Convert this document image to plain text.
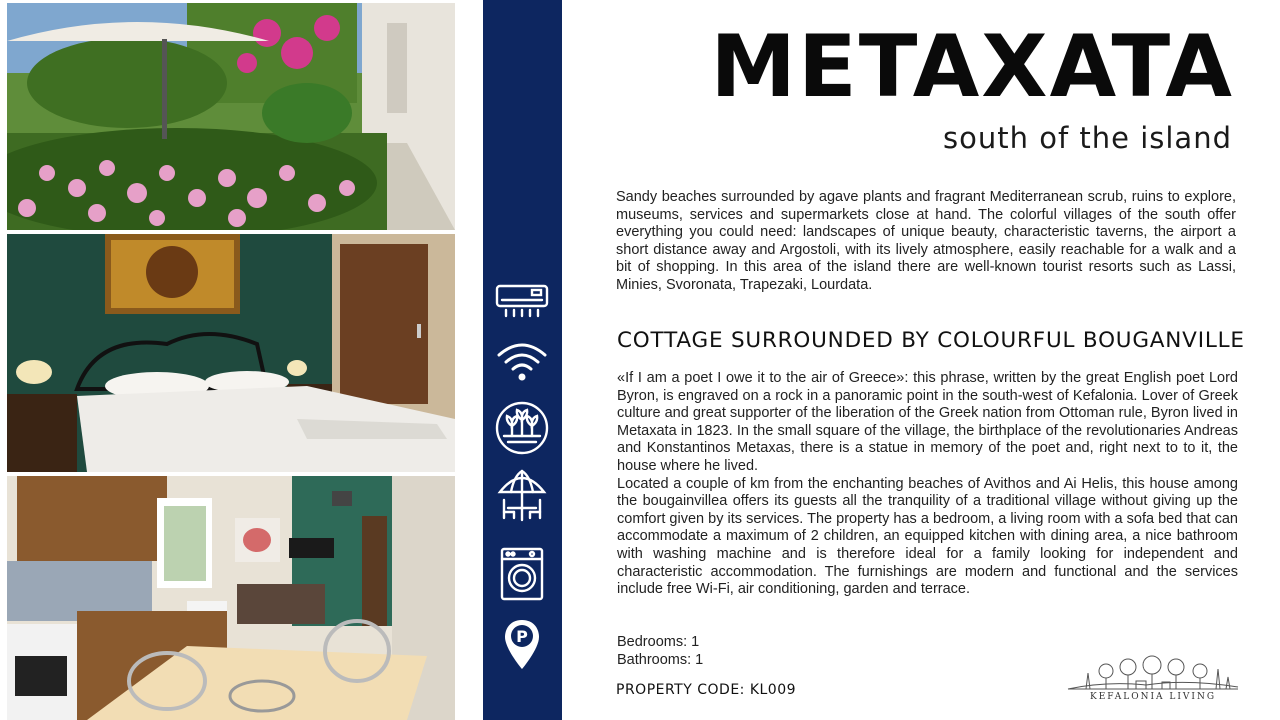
P
METAXATA
south of the island

Sandy beaches surrounded by agave plants and fragrant Mediterranean scrub, ruins to explore, museums, services and supermarkets close at hand. The colorful villages of the south offer everything you could need: landscapes of unique beauty, characteristic taverns, the airport a short distance away and Argostoli, with its lively atmosphere, easily reachable for a walk and a bit of shopping. In this area of the island there are well-known tourist resorts such as Lassi, Minies, Svoronata, Trapezaki, Lourdata.

COTTAGE SURROUNDED BY COLOURFUL BOUGANVILLE

«If I am a poet I owe it to the air of Greece»: this phrase, written by the great English poet Lord Byron, is engraved on a rock in a panoramic point in the south-west of Kefalonia. Lover of Greek culture and great supporter of the liberation of the Greek nation from Ottoman rule, Byron lived in Metaxata in 1823. In the small square of the village, the birthplace of the revolutionaries Andreas and Konstantinos Metaxas, there is a statue in memory of the poet and, right next to to it, the house where he lived.

Located a couple of km from the enchanting beaches of Avithos and Ai Helis, this house among the bougainvillea offers its guests all the tranquility of a traditional village without giving up the comfort given by its services. The property has a bedroom, a living room with a sofa bed that can accommodate a maximum of 2 children, an equipped kitchen with dining area, a nice bathroom with washing machine and is therefore ideal for a family looking for independent and characteristic accommodation. The furnishings are modern and functional and the services include free Wi-Fi, air conditioning, garden and terrace.

Bedrooms: 1
Bathrooms: 1
PROPERTY CODE: KL009	KEFALONIA LIVING
